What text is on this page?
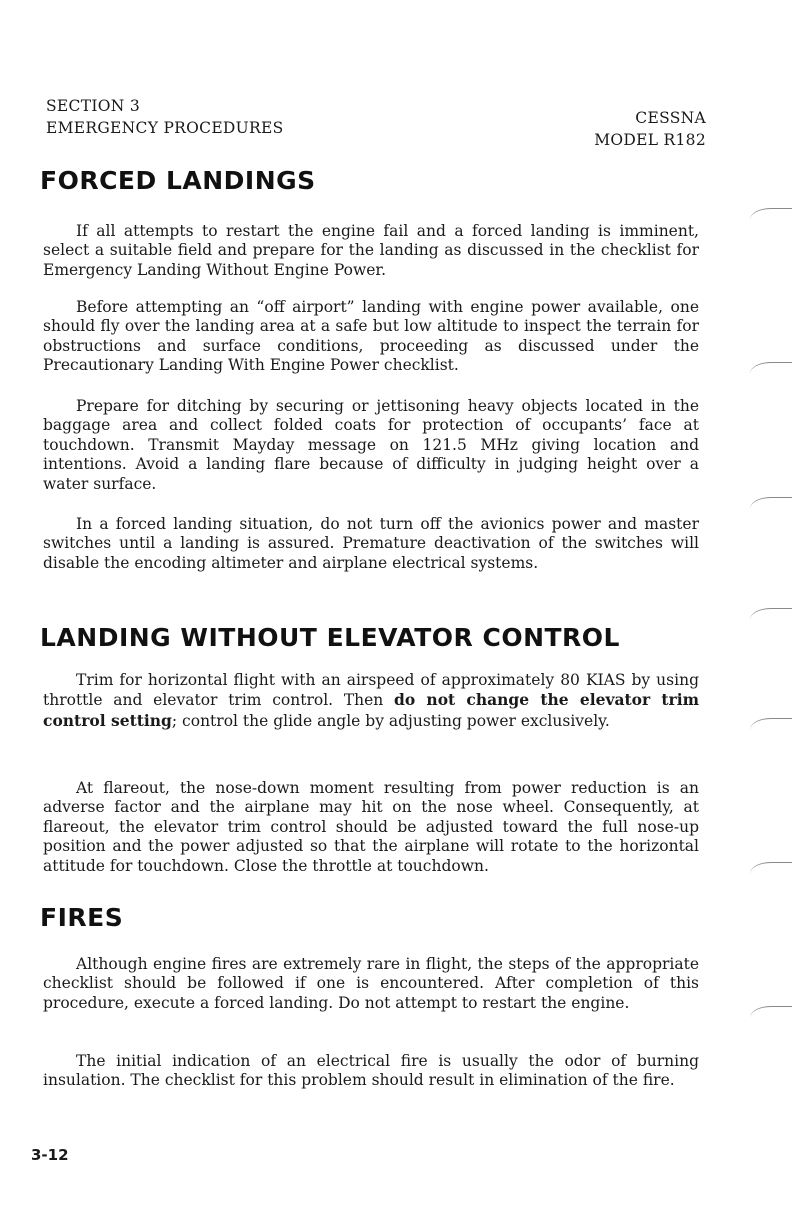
SECTION 3
EMERGENCY PROCEDURES
CESSNA
MODEL R182
FORCED LANDINGS

If all attempts to restart the engine fail and a forced landing is imminent, select a suitable field and prepare for the landing as discussed in the checklist for Emergency Landing Without Engine Power.

Before attempting an “off airport” landing with engine power available, one should fly over the landing area at a safe but low altitude to inspect the terrain for obstructions and surface conditions, proceeding as discussed under the Precautionary Landing With Engine Power checklist.

Prepare for ditching by securing or jettisoning heavy objects located in the baggage area and collect folded coats for protection of occupants’ face at touchdown. Transmit Mayday message on 121.5 MHz giving location and intentions. Avoid a landing flare because of difficulty in judging height over a water surface.

In a forced landing situation, do not turn off the avionics power and master switches until a landing is assured. Premature deactivation of the switches will disable the encoding altimeter and airplane electrical systems.

LANDING WITHOUT ELEVATOR CONTROL

Trim for horizontal flight with an airspeed of approximately 80 KIAS by using throttle and elevator trim control. Then do not change the elevator trim control setting; control the glide angle by adjusting power exclusively.

At flareout, the nose-down moment resulting from power reduction is an adverse factor and the airplane may hit on the nose wheel. Consequently, at flareout, the elevator trim control should be adjusted toward the full nose-up position and the power adjusted so that the airplane will rotate to the horizontal attitude for touchdown. Close the throttle at touchdown.

FIRES

Although engine fires are extremely rare in flight, the steps of the appropriate checklist should be followed if one is encountered. After completion of this procedure, execute a forced landing. Do not attempt to restart the engine.

The initial indication of an electrical fire is usually the odor of burning insulation. The checklist for this problem should result in elimination of the fire.

3-12
